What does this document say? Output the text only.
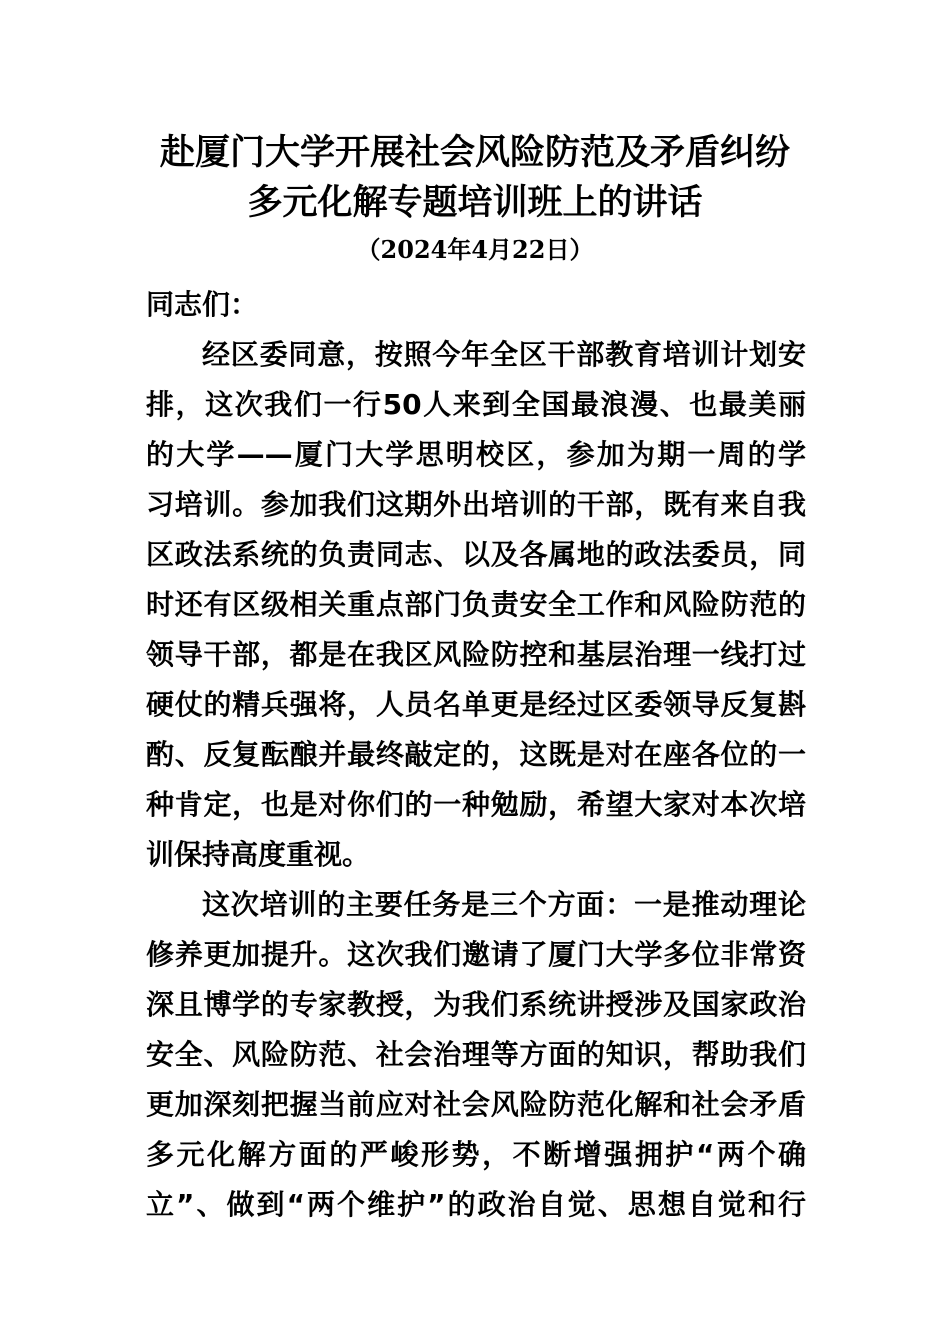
赴厦门大学开展社会风险防范及矛盾纠纷
多元化解专题培训班上的讲话
（2024年4月22日）
同志们：
经区委同意，按照今年全区干部教育培训计划安
排，这次我们一行50人来到全国最浪漫、也最美丽
的大学——厦门大学思明校区，参加为期一周的学
习培训。参加我们这期外出培训的干部，既有来自我
区政法系统的负责同志、以及各属地的政法委员，同
时还有区级相关重点部门负责安全工作和风险防范的
领导干部，都是在我区风险防控和基层治理一线打过
硬仗的精兵强将，人员名单更是经过区委领导反复斟
酌、反复酝酿并最终敲定的，这既是对在座各位的一
种肯定，也是对你们的一种勉励，希望大家对本次培
训保持高度重视。
这次培训的主要任务是三个方面：一是推动理论
修养更加提升。这次我们邀请了厦门大学多位非常资
深且博学的专家教授，为我们系统讲授涉及国家政治
安全、风险防范、社会治理等方面的知识，帮助我们
更加深刻把握当前应对社会风险防范化解和社会矛盾
多元化解方面的严峻形势，不断增强拥护“两个确
立”、做到“两个维护”的政治自觉、思想自觉和行
